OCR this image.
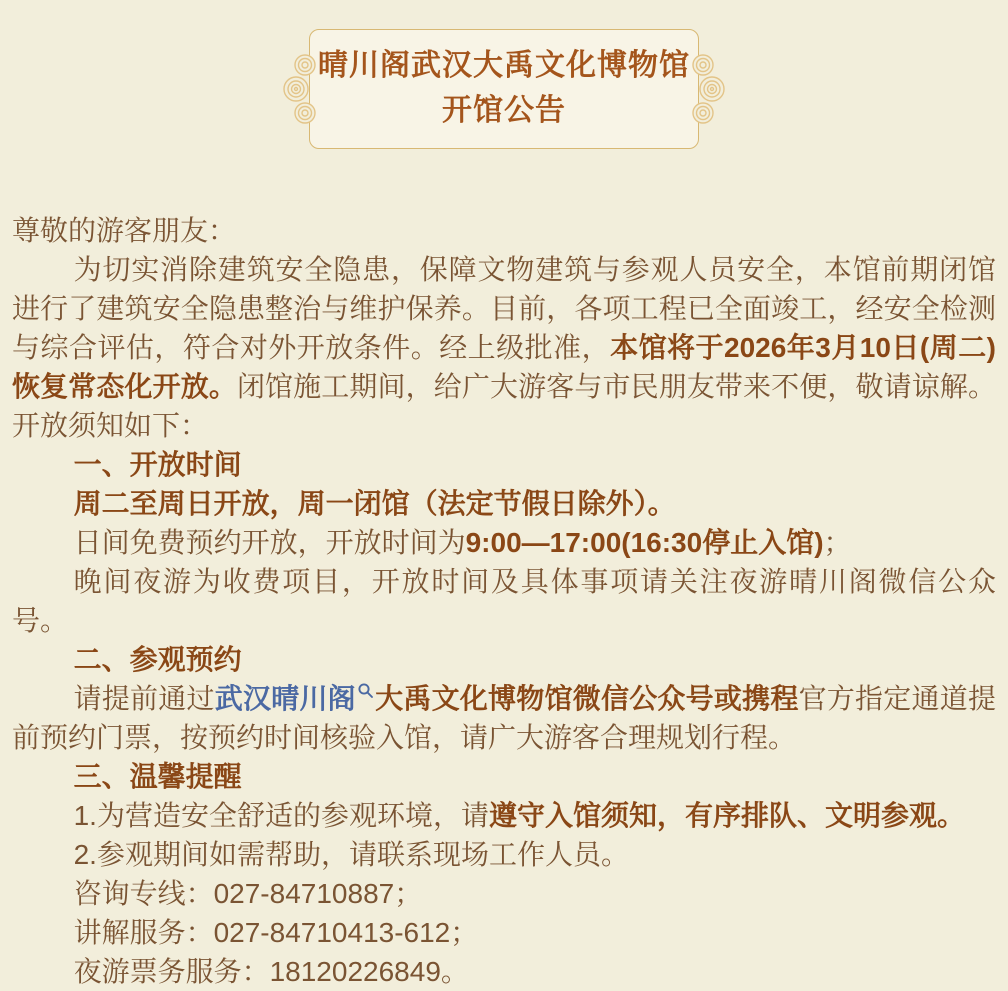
晴川阁武汉大禹文化博物馆
开馆公告

尊敬的游客朋友：

为切实消除建筑安全隐患，保障文物建筑与参观人员安全，本馆前期闭馆进行了建筑安全隐患整治与维护保养。目前，各项工程已全面竣工，经安全检测与综合评估，符合对外开放条件。经上级批准，本馆将于2026年3月10日(周二)恢复常态化开放。闭馆施工期间，给广大游客与市民朋友带来不便，敬请谅解。开放须知如下：

一、开放时间

周二至周日开放，周一闭馆（法定节假日除外）。

日间免费预约开放，开放时间为9:00—17:00(16:30停止入馆)；

晚间夜游为收费项目，开放时间及具体事项请关注夜游晴川阁微信公众号。

二、参观预约

请提前通过武汉晴川阁 大禹文化博物馆微信公众号或携程官方指定通道提前预约门票，按预约时间核验入馆，请广大游客合理规划行程。

三、温馨提醒

1.为营造安全舒适的参观环境，请遵守入馆须知，有序排队、文明参观。

2.参观期间如需帮助，请联系现场工作人员。

咨询专线：027-84710887；

讲解服务：027-84710413-612；

夜游票务服务：18120226849。
